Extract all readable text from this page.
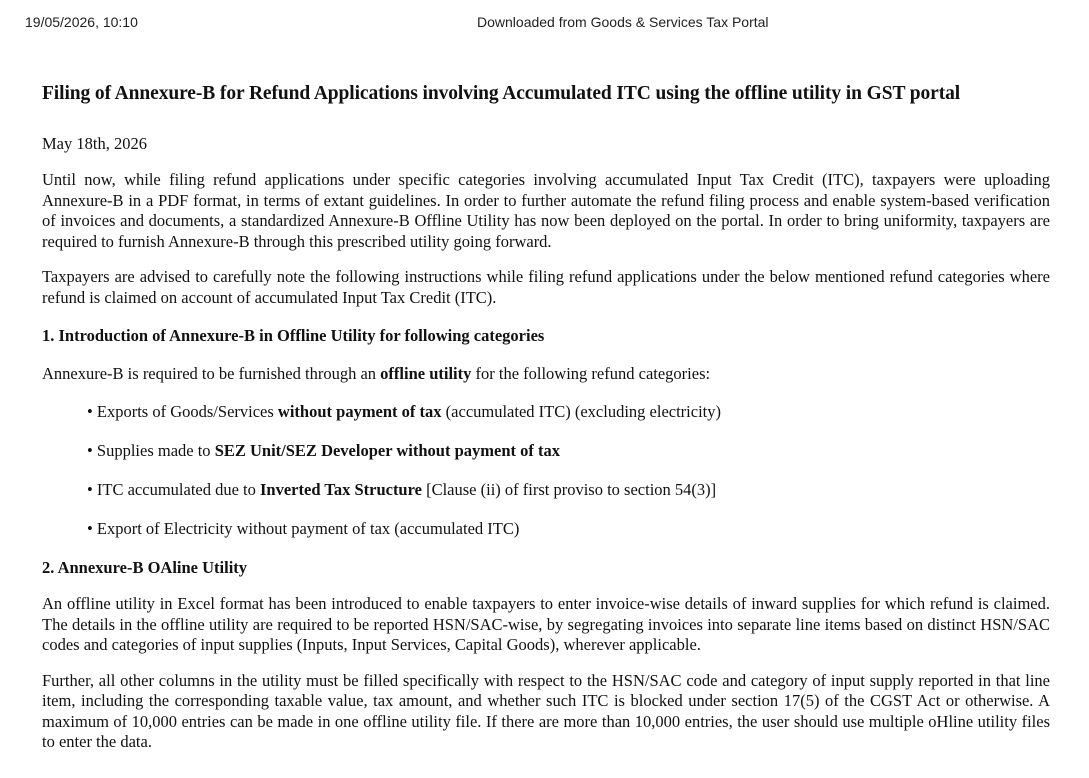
19/05/2026, 10:10	Downloaded from Goods & Services Tax Portal
Filing of Annexure-B for Refund Applications involving Accumulated ITC using the offline utility in GST portal
May 18th, 2026

Until now, while filing refund applications under specific categories involving accumulated Input Tax Credit (ITC), taxpayers were uploading Annexure-B in a PDF format, in terms of extant guidelines. In order to further automate the refund filing process and enable system-based verification of invoices and documents, a standardized Annexure-B Offline Utility has now been deployed on the portal. In order to bring uniformity, taxpayers are required to furnish Annexure-B through this prescribed utility going forward.

Taxpayers are advised to carefully note the following instructions while filing refund applications under the below mentioned refund categories where refund is claimed on account of accumulated Input Tax Credit (ITC).

1. Introduction of Annexure-B in Offline Utility for following categories

Annexure-B is required to be furnished through an offline utility for the following refund categories:

• Exports of Goods/Services without payment of tax (accumulated ITC) (excluding electricity)
• Supplies made to SEZ Unit/SEZ Developer without payment of tax
• ITC accumulated due to Inverted Tax Structure [Clause (ii) of first proviso to section 54(3)]
• Export of Electricity without payment of tax (accumulated ITC)
2. Annexure-B OAline Utility

An offline utility in Excel format has been introduced to enable taxpayers to enter invoice-wise details of inward supplies for which refund is claimed. The details in the offline utility are required to be reported HSN/SAC-wise, by segregating invoices into separate line items based on distinct HSN/SAC codes and categories of input supplies (Inputs, Input Services, Capital Goods), wherever applicable.

Further, all other columns in the utility must be filled specifically with respect to the HSN/SAC code and category of input supply reported in that line item, including the corresponding taxable value, tax amount, and whether such ITC is blocked under section 17(5) of the CGST Act or otherwise. A maximum of 10,000 entries can be made in one offline utility file. If there are more than 10,000 entries, the user should use multiple oHline utility files to enter the data.
